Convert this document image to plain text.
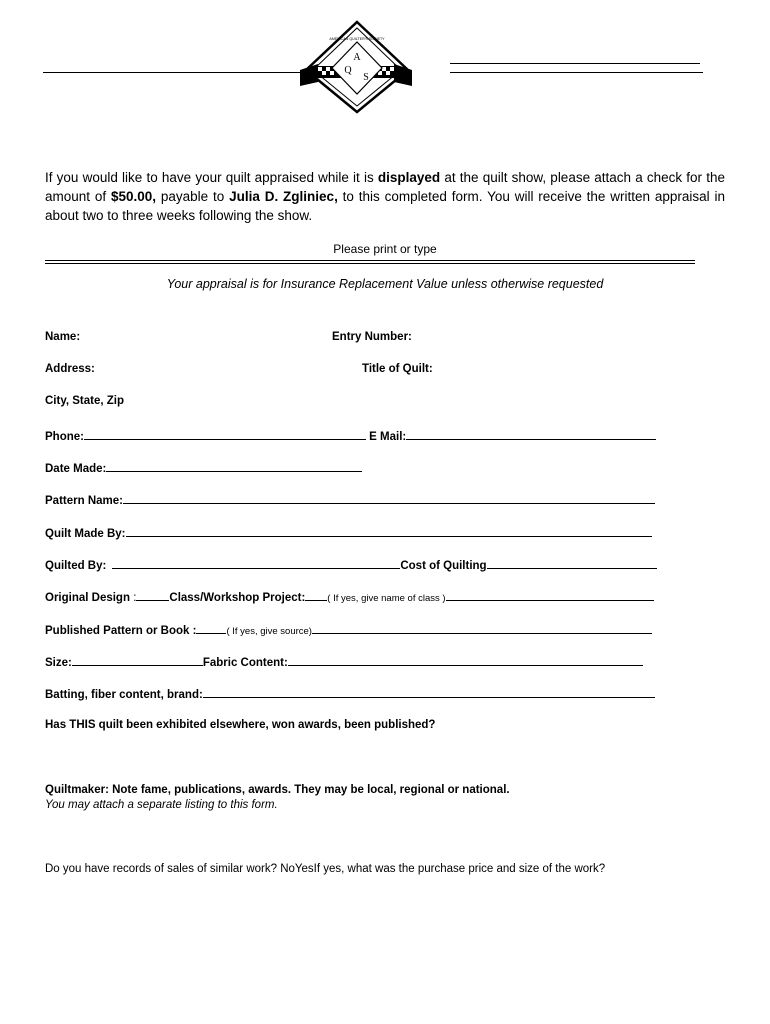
A
Q
S
AMERICAN QUILTER'S SOCIETY
If you would like to have your quilt appraised while it is displayed at the quilt show, please attach a check for the amount of $50.00, payable to Julia D. Zgliniec, to this completed form. You will receive the written appraisal in about two to three weeks following the show.
Please print or type
Your appraisal is for Insurance Replacement Value unless otherwise requested
Name:	Entry Number:
Address:	Title of Quilt:
City, State, Zip
Phone:	E Mail:
Date Made:
Pattern Name:
Quilt Made By:
Quilted By:	Cost of Quilting
Original Design :	Class/Workshop Project: ( If yes, give name of class )
Published Pattern or Book :	( If yes, give source)
Size:	Fabric Content:
Batting, fiber content, brand:
Has THIS quilt been exhibited elsewhere, won awards, been published?
Quiltmaker: Note fame, publications, awards. They may be local, regional or national.
You may attach a separate listing to this form.
Do you have records of sales of similar work? NoYesIf yes, what was the purchase price and size of the work?
